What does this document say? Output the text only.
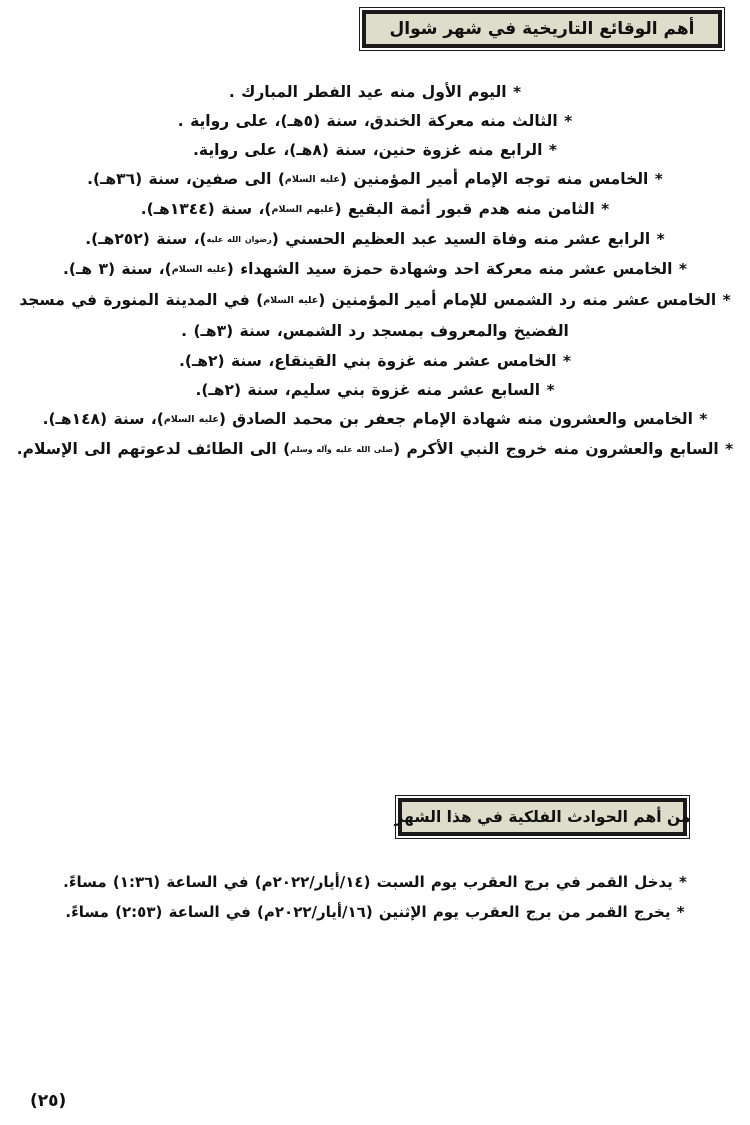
أهم الوقائع التاريخية في شهر شوال
* اليوم الأول منه عيد الفطر المبارك .
* الثالث منه معركة الخندق، سنة (٥هـ)، على رواية .
* الرابع منه غزوة حنين، سنة (٨هـ)، على رواية.
* الخامس منه توجه الإمام أمير المؤمنين (عليه السلام) الى صفين، سنة (٣٦هـ).
* الثامن منه هدم قبور أئمة البقيع (عليهم السلام)، سنة (١٣٤٤هـ).
* الرابع عشر منه وفاة السيد عبد العظيم الحسني (رضوان الله عليه)، سنة (٢٥٢هـ).
* الخامس عشر منه معركة احد وشهادة حمزة سيد الشهداء (عليه السلام)، سنة (٣ هـ).
* الخامس عشر منه رد الشمس للإمام أمير المؤمنين (عليه السلام) في المدينة المنورة في مسجد الفضيخ والمعروف بمسجد رد الشمس، سنة (٣هـ) .
* الخامس عشر منه غزوة بني القينقاع، سنة (٢هـ).
* السابع عشر منه غزوة بني سليم، سنة (٢هـ).
* الخامس والعشرون منه شهادة الإمام جعفر بن محمد الصادق (عليه السلام)، سنة (١٤٨هـ).
* السابع والعشرون منه خروج النبي الأكرم (صلى الله عليه وآله وسلم) الى الطائف لدعوتهم الى الإسلام.
من أهم الحوادث الفلكية في هذا الشهر
* يدخل القمر في برج العقرب يوم السبت (١٤/أيار/٢٠٢٢م) في الساعة (١:٣٦) مساءً.
* يخرج القمر من برج العقرب يوم الإثنين (١٦/أيار/٢٠٢٢م) في الساعة (٢:٥٣) مساءً.
(٢٥)
